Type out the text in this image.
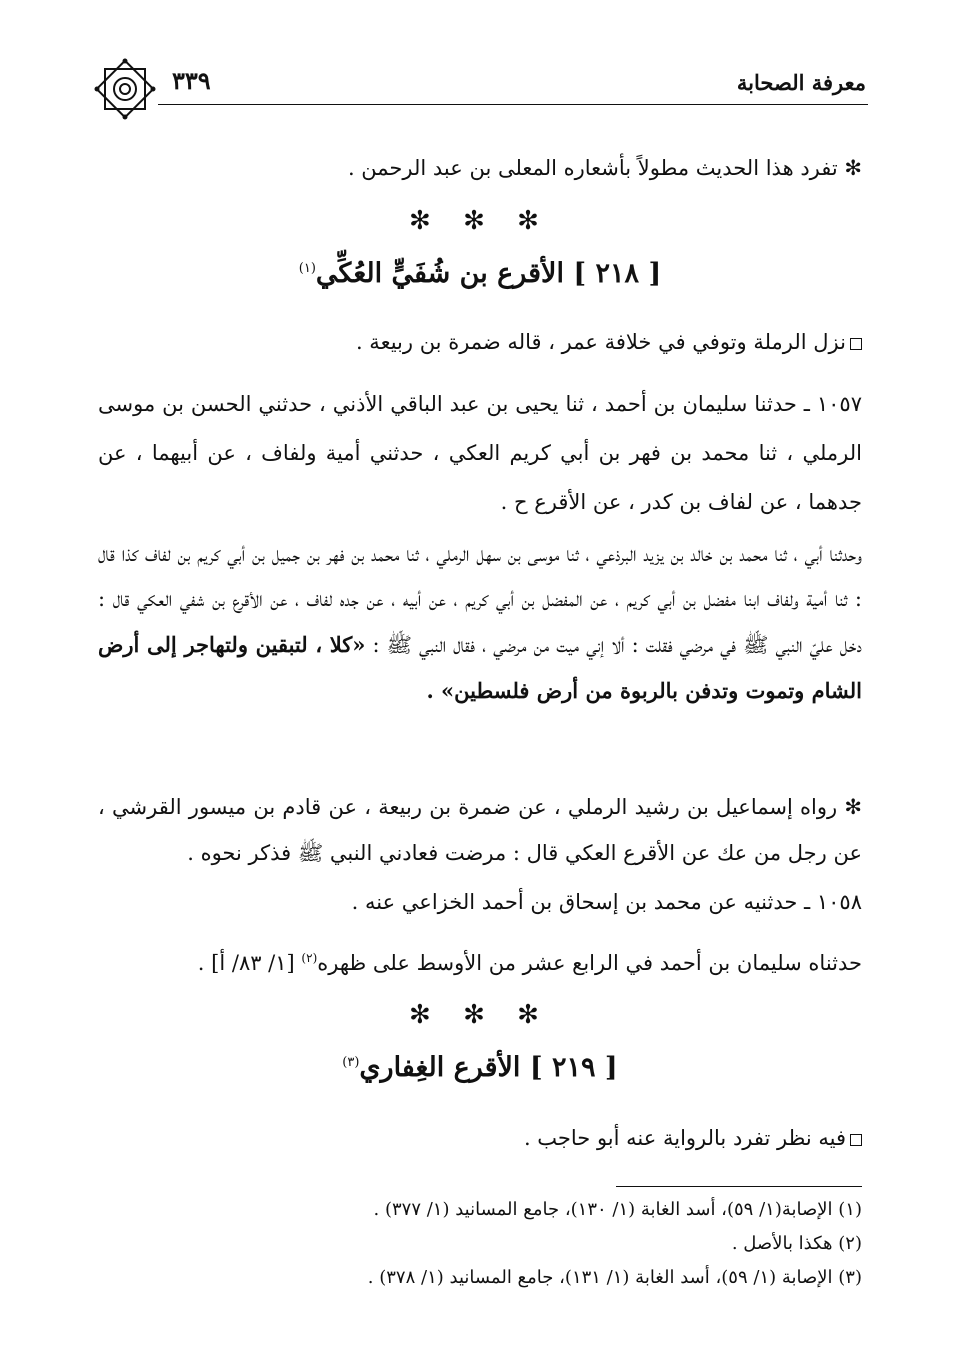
٣٣٩	معرفة الصحابة
✻ تفرد هذا الحديث مطولاً بأشعاره المعلى بن عبد الرحمن .
✻ ✻ ✻
[ ٢١٨ ] الأقرع بن شُفَيٍّ العُكِّي$^{(١)}$
نزل الرملة وتوفي في خلافة عمر ، قاله ضمرة بن ربيعة .
١٠٥٧ ـ حدثنا سليمان بن أحمد ، ثنا يحيى بن عبد الباقي الأذني ، حدثني الحسن بن موسى الرملي ، ثنا محمد بن فهر بن أبي كريم العكي ، حدثني أمية ولفاف ، عن أبيهما ، عن جدهما ، عن لفاف بن كدر ، عن الأقرع ح .
وحدثنا أبي ، ثنا محمد بن خالد بن يزيد البرذعي ، ثنا موسى بن سهل الرملي ، ثنا محمد بن فهر بن جميل بن أبي كريم بن لفاف كذا قال : ثنا أمية ولفاف ابنا مفضل بن أبي كريم ، عن المفضل بن أبي كريم ، عن أبيه ، عن جده لفاف ، عن الأقرع بن شفي العكي قال : دخل عليّ النبي ﷺ في مرضي فقلت : ألا إني ميت من مرضي ، فقال النبي ﷺ : «كلا ، لتبقين ولتهاجر إلى أرض الشام وتموت وتدفن بالربوة من أرض فلسطين» .
✻ رواه إسماعيل بن رشيد الرملي ، عن ضمرة بن ربيعة ، عن قادم بن ميسور القرشي ، عن رجل من عك عن الأقرع العكي قال : مرضت فعادني النبي ﷺ فذكر نحوه .
١٠٥٨ ـ حدثنيه عن محمد بن إسحاق بن أحمد الخزاعي عنه .
حدثناه سليمان بن أحمد في الرابع عشر من الأوسط على ظهره$^{(٢)}$ [١/ ٨٣/ أ] .
✻ ✻ ✻
[ ٢١٩ ] الأقرع الغِفاري$^{(٣)}$
فيه نظر تفرد بالرواية عنه أبو حاجب .
(١) الإصابة(١/ ٥٩)، أسد الغابة (١/ ١٣٠)، جامع المسانيد (١/ ٣٧٧) .
(٢) هكذا بالأصل .
(٣) الإصابة (١/ ٥٩)، أسد الغابة (١/ ١٣١)، جامع المسانيد (١/ ٣٧٨) .
